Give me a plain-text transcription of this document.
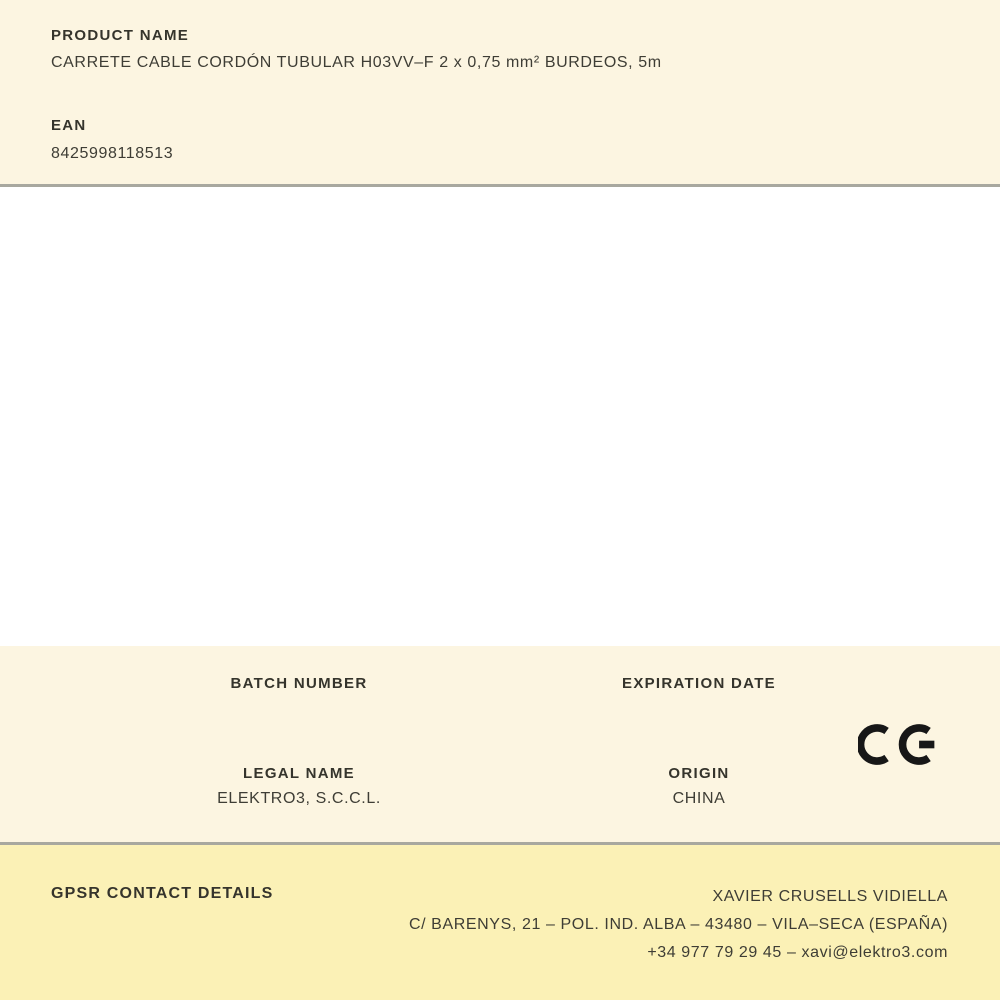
PRODUCT NAME
CARRETE CABLE CORDÓN TUBULAR H03VV–F 2 x 0,75 mm² BURDEOS, 5m
EAN
8425998118513
BATCH NUMBER	EXPIRATION DATE
LEGAL NAME
ELEKTRO3, S.C.C.L.
ORIGIN
CHINA
GPSR CONTACT DETAILS	XAVIER CRUSELLS VIDIELLA
C/ BARENYS, 21 – POL. IND. ALBA – 43480 – VILA–SECA (ESPAÑA)
+34 977 79 29 45 – xavi@elektro3.com
